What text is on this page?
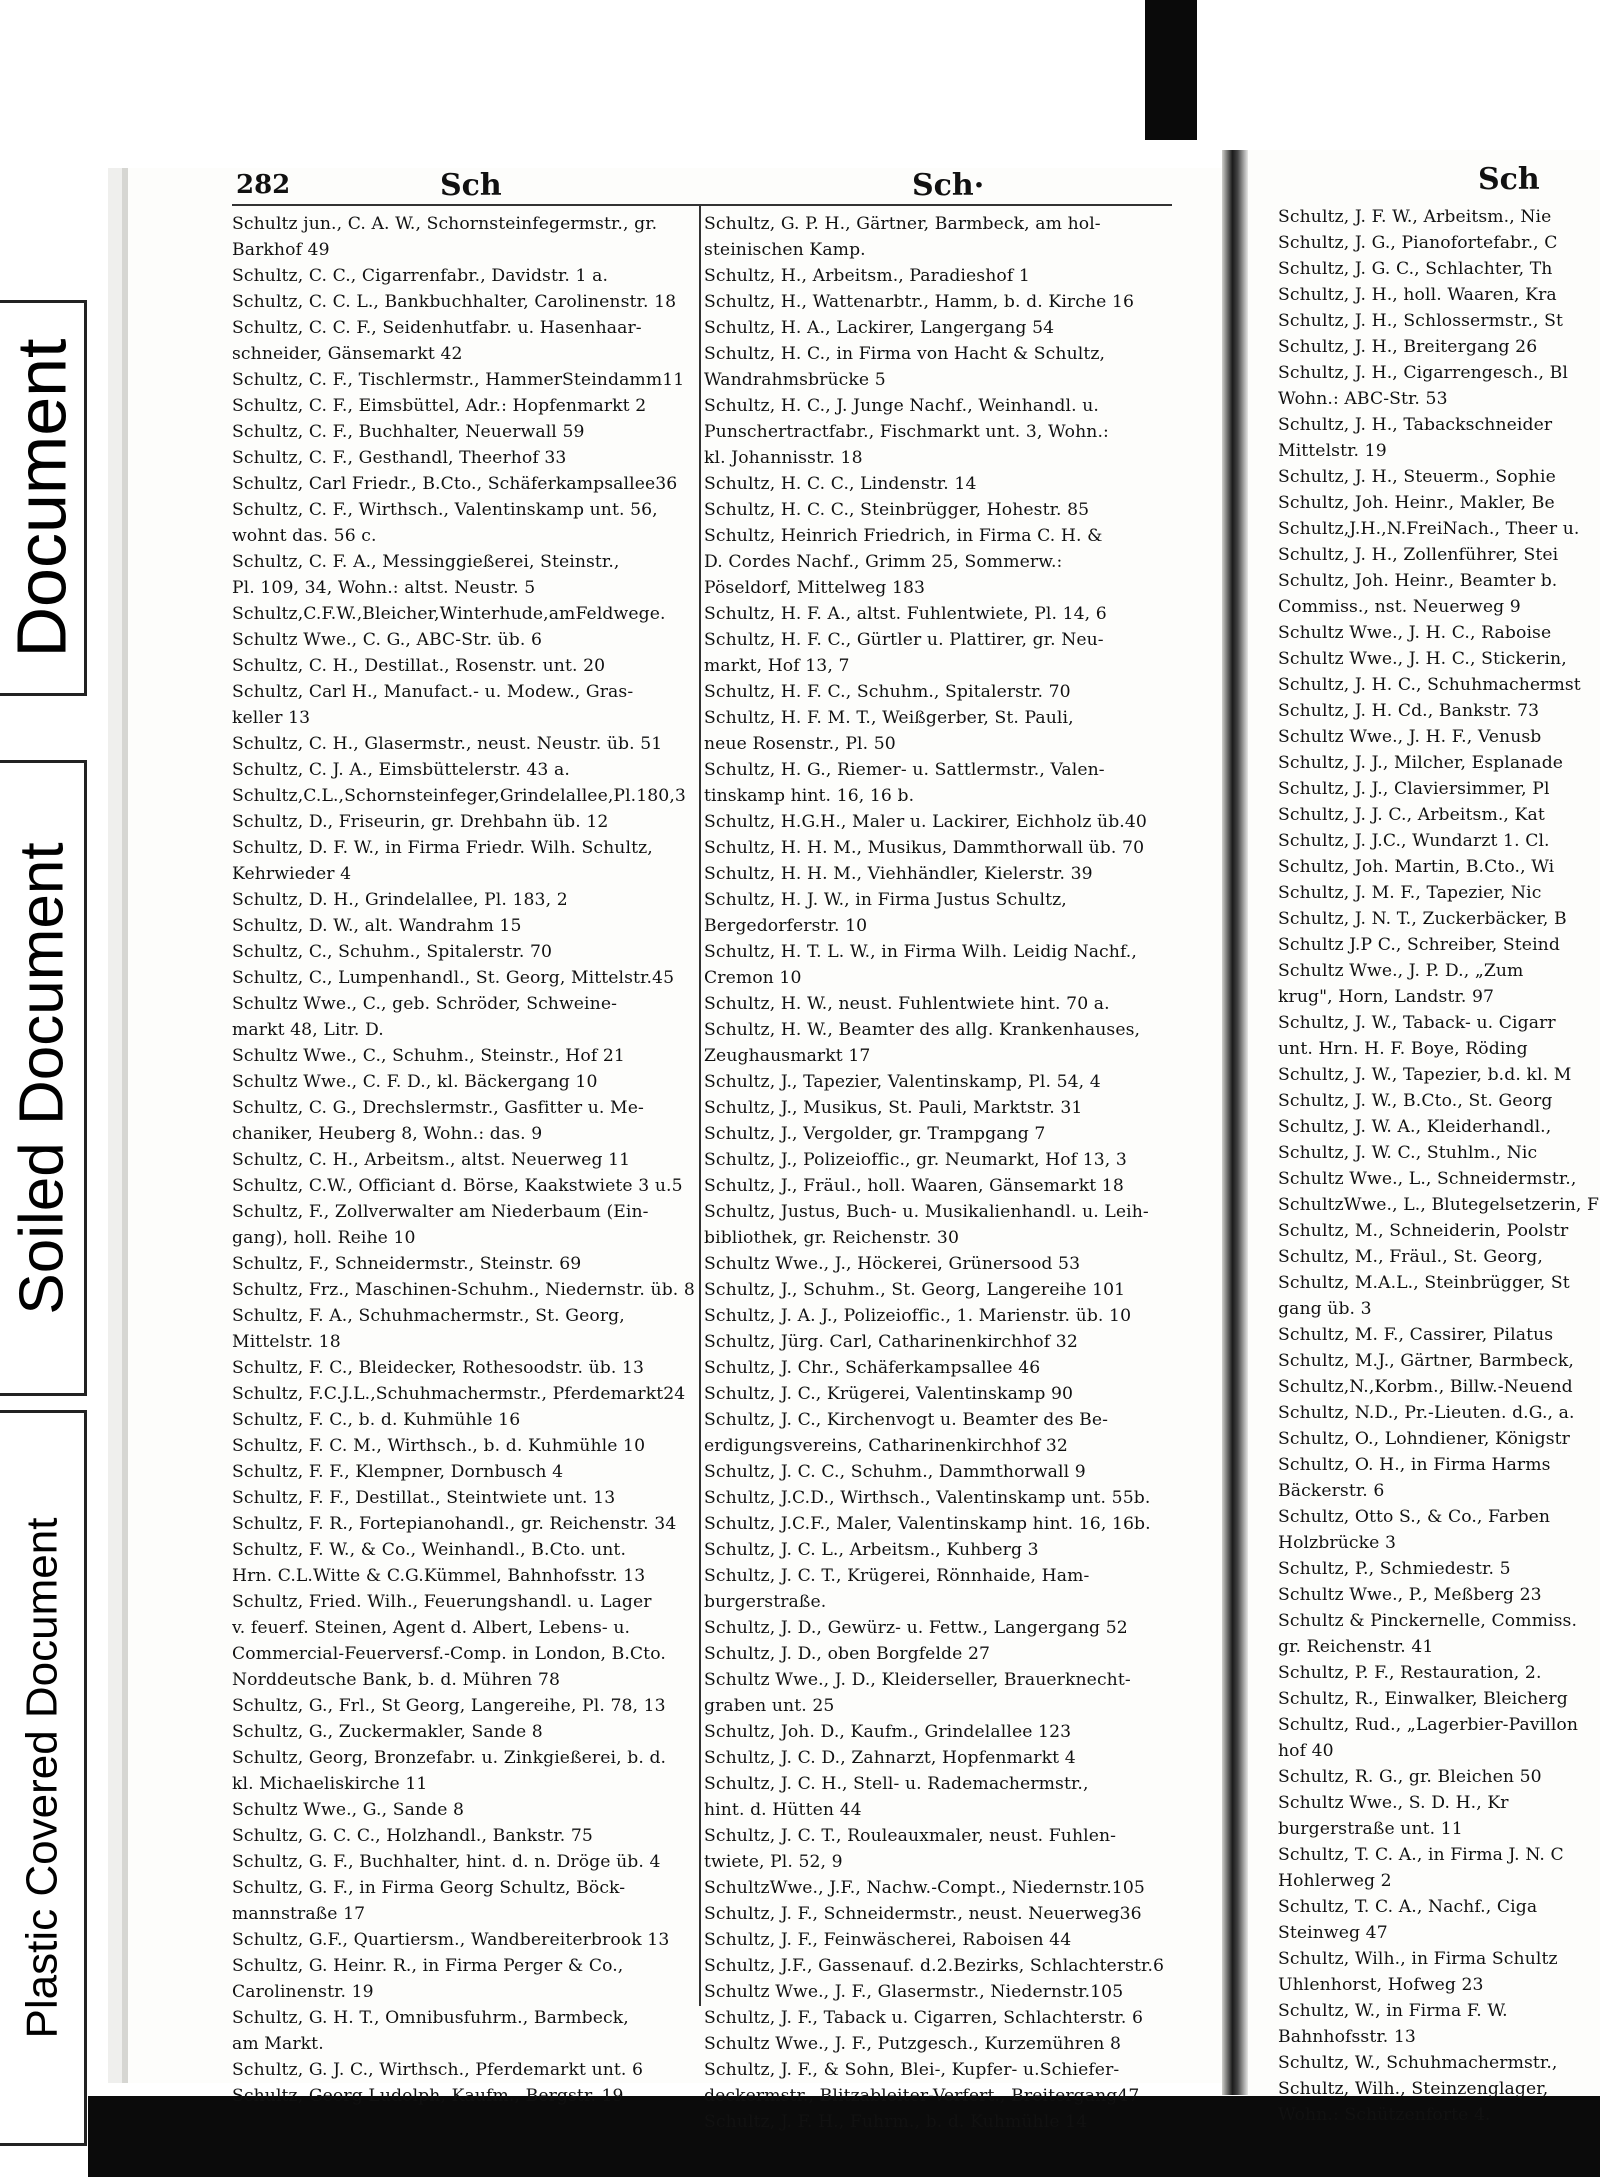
Document
Soiled Document
Plastic Covered Document
282	Sch	Sch·	Sch
Schultz jun., C. A. W., Schornsteinfegermstr., gr.
Barkhof 49
Schultz, C. C., Cigarrenfabr., Davidstr. 1 a.
Schultz, C. C. L., Bankbuchhalter, Carolinenstr. 18
Schultz, C. C. F., Seidenhutfabr. u. Hasenhaar-
schneider, Gänsemarkt 42
Schultz, C. F., Tischlermstr., HammerSteindamm11
Schultz, C. F., Eimsbüttel, Adr.: Hopfenmarkt 2
Schultz, C. F., Buchhalter, Neuerwall 59
Schultz, C. F., Gesthandl, Theerhof 33
Schultz, Carl Friedr., B.Cto., Schäferkampsallee36
Schultz, C. F., Wirthsch., Valentinskamp unt. 56,
wohnt das. 56 c.
Schultz, C. F. A., Messinggießerei, Steinstr.,
Pl. 109, 34, Wohn.: altst. Neustr. 5
Schultz,C.F.W.,Bleicher,Winterhude,amFeldwege.
Schultz Wwe., C. G., ABC-Str. üb. 6
Schultz, C. H., Destillat., Rosenstr. unt. 20
Schultz, Carl H., Manufact.- u. Modew., Gras-
keller 13
Schultz, C. H., Glasermstr., neust. Neustr. üb. 51
Schultz, C. J. A., Eimsbüttelerstr. 43 a.
Schultz,C.L.,Schornsteinfeger,Grindelallee,Pl.180,3
Schultz, D., Friseurin, gr. Drehbahn üb. 12
Schultz, D. F. W., in Firma Friedr. Wilh. Schultz,
Kehrwieder 4
Schultz, D. H., Grindelallee, Pl. 183, 2
Schultz, D. W., alt. Wandrahm 15
Schultz, C., Schuhm., Spitalerstr. 70
Schultz, C., Lumpenhandl., St. Georg, Mittelstr.45
Schultz Wwe., C., geb. Schröder, Schweine-
markt 48, Litr. D.
Schultz Wwe., C., Schuhm., Steinstr., Hof 21
Schultz Wwe., C. F. D., kl. Bäckergang 10
Schultz, C. G., Drechslermstr., Gasfitter u. Me-
chaniker, Heuberg 8, Wohn.: das. 9
Schultz, C. H., Arbeitsm., altst. Neuerweg 11
Schultz, C.W., Officiant d. Börse, Kaakstwiete 3 u.5
Schultz, F., Zollverwalter am Niederbaum (Ein-
gang), holl. Reihe 10
Schultz, F., Schneidermstr., Steinstr. 69
Schultz, Frz., Maschinen-Schuhm., Niedernstr. üb. 8
Schultz, F. A., Schuhmachermstr., St. Georg,
Mittelstr. 18
Schultz, F. C., Bleidecker, Rothesoodstr. üb. 13
Schultz, F.C.J.L.,Schuhmachermstr., Pferdemarkt24
Schultz, F. C., b. d. Kuhmühle 16
Schultz, F. C. M., Wirthsch., b. d. Kuhmühle 10
Schultz, F. F., Klempner, Dornbusch 4
Schultz, F. F., Destillat., Steintwiete unt. 13
Schultz, F. R., Fortepianohandl., gr. Reichenstr. 34
Schultz, F. W., & Co., Weinhandl., B.Cto. unt.
Hrn. C.L.Witte & C.G.Kümmel, Bahnhofsstr. 13
Schultz, Fried. Wilh., Feuerungshandl. u. Lager
v. feuerf. Steinen, Agent d. Albert, Lebens- u.
Commercial-Feuerversf.-Comp. in London, B.Cto.
Norddeutsche Bank, b. d. Mühren 78
Schultz, G., Frl., St Georg, Langereihe, Pl. 78, 13
Schultz, G., Zuckermakler, Sande 8
Schultz, Georg, Bronzefabr. u. Zinkgießerei, b. d.
kl. Michaeliskirche 11
Schultz Wwe., G., Sande 8
Schultz, G. C. C., Holzhandl., Bankstr. 75
Schultz, G. F., Buchhalter, hint. d. n. Dröge üb. 4
Schultz, G. F., in Firma Georg Schultz, Böck-
mannstraße 17
Schultz, G.F., Quartiersm., Wandbereiterbrook 13
Schultz, G. Heinr. R., in Firma Perger & Co.,
Carolinenstr. 19
Schultz, G. H. T., Omnibusfuhrm., Barmbeck,
am Markt.
Schultz, G. J. C., Wirthsch., Pferdemarkt unt. 6
Schultz, Georg Ludolph, Kaufm., Bergstr. 19
Schultz, G. P. H., Gärtner, Barmbeck, am hol-
steinischen Kamp.
Schultz, H., Arbeitsm., Paradieshof 1
Schultz, H., Wattenarbtr., Hamm, b. d. Kirche 16
Schultz, H. A., Lackirer, Langergang 54
Schultz, H. C., in Firma von Hacht & Schultz,
Wandrahmsbrücke 5
Schultz, H. C., J. Junge Nachf., Weinhandl. u.
Punschertractfabr., Fischmarkt unt. 3, Wohn.:
kl. Johannisstr. 18
Schultz, H. C. C., Lindenstr. 14
Schultz, H. C. C., Steinbrügger, Hohestr. 85
Schultz, Heinrich Friedrich, in Firma C. H. &
D. Cordes Nachf., Grimm 25, Sommerw.:
Pöseldorf, Mittelweg 183
Schultz, H. F. A., altst. Fuhlentwiete, Pl. 14, 6
Schultz, H. F. C., Gürtler u. Plattirer, gr. Neu-
markt, Hof 13, 7
Schultz, H. F. C., Schuhm., Spitalerstr. 70
Schultz, H. F. M. T., Weißgerber, St. Pauli,
neue Rosenstr., Pl. 50
Schultz, H. G., Riemer- u. Sattlermstr., Valen-
tinskamp hint. 16, 16 b.
Schultz, H.G.H., Maler u. Lackirer, Eichholz üb.40
Schultz, H. H. M., Musikus, Dammthorwall üb. 70
Schultz, H. H. M., Viehhändler, Kielerstr. 39
Schultz, H. J. W., in Firma Justus Schultz,
Bergedorferstr. 10
Schultz, H. T. L. W., in Firma Wilh. Leidig Nachf.,
Cremon 10
Schultz, H. W., neust. Fuhlentwiete hint. 70 a.
Schultz, H. W., Beamter des allg. Krankenhauses,
Zeughausmarkt 17
Schultz, J., Tapezier, Valentinskamp, Pl. 54, 4
Schultz, J., Musikus, St. Pauli, Marktstr. 31
Schultz, J., Vergolder, gr. Trampgang 7
Schultz, J., Polizeioffic., gr. Neumarkt, Hof 13, 3
Schultz, J., Fräul., holl. Waaren, Gänsemarkt 18
Schultz, Justus, Buch- u. Musikalienhandl. u. Leih-
bibliothek, gr. Reichenstr. 30
Schultz Wwe., J., Höckerei, Grünersood 53
Schultz, J., Schuhm., St. Georg, Langereihe 101
Schultz, J. A. J., Polizeioffic., 1. Marienstr. üb. 10
Schultz, Jürg. Carl, Catharinenkirchhof 32
Schultz, J. Chr., Schäferkampsallee 46
Schultz, J. C., Krügerei, Valentinskamp 90
Schultz, J. C., Kirchenvogt u. Beamter des Be-
erdigungsvereins, Catharinenkirchhof 32
Schultz, J. C. C., Schuhm., Dammthorwall 9
Schultz, J.C.D., Wirthsch., Valentinskamp unt. 55b.
Schultz, J.C.F., Maler, Valentinskamp hint. 16, 16b.
Schultz, J. C. L., Arbeitsm., Kuhberg 3
Schultz, J. C. T., Krügerei, Rönnhaide, Ham-
burgerstraße.
Schultz, J. D., Gewürz- u. Fettw., Langergang 52
Schultz, J. D., oben Borgfelde 27
Schultz Wwe., J. D., Kleiderseller, Brauerknecht-
graben unt. 25
Schultz, Joh. D., Kaufm., Grindelallee 123
Schultz, J. C. D., Zahnarzt, Hopfenmarkt 4
Schultz, J. C. H., Stell- u. Rademachermstr.,
hint. d. Hütten 44
Schultz, J. C. T., Rouleauxmaler, neust. Fuhlen-
twiete, Pl. 52, 9
SchultzWwe., J.F., Nachw.-Compt., Niedernstr.105
Schultz, J. F., Schneidermstr., neust. Neuerweg36
Schultz, J. F., Feinwäscherei, Raboisen 44
Schultz, J.F., Gassenauf. d.2.Bezirks, Schlachterstr.6
Schultz Wwe., J. F., Glasermstr., Niedernstr.105
Schultz, J. F., Taback u. Cigarren, Schlachterstr. 6
Schultz Wwe., J. F., Putzgesch., Kurzemühren 8
Schultz, J. F., & Sohn, Blei-, Kupfer- u.Schiefer-
deckermstr., Blitzableiter-Verfert., Breitergang47
Schultz, J. F. H., Fuhrm., b. d. Kuhmühle 14
Schultz, J. F. W., Arbeitsm., Nie
Schultz, J. G., Pianofortefabr., C
Schultz, J. G. C., Schlachter, Th
Schultz, J. H., holl. Waaren, Kra
Schultz, J. H., Schlossermstr., St
Schultz, J. H., Breitergang 26
Schultz, J. H., Cigarrengesch., Bl
Wohn.: ABC-Str. 53
Schultz, J. H., Tabackschneider
Mittelstr. 19
Schultz, J. H., Steuerm., Sophie
Schultz, Joh. Heinr., Makler, Be
Schultz,J.H.,N.FreiNach., Theer u.
Schultz, J. H., Zollenführer, Stei
Schultz, Joh. Heinr., Beamter b.
Commiss., nst. Neuerweg 9
Schultz Wwe., J. H. C., Raboise
Schultz Wwe., J. H. C., Stickerin,
Schultz, J. H. C., Schuhmachermst
Schultz, J. H. Cd., Bankstr. 73
Schultz Wwe., J. H. F., Venusb
Schultz, J. J., Milcher, Esplanade
Schultz, J. J., Claviersimmer, Pl
Schultz, J. J. C., Arbeitsm., Kat
Schultz, J. J.C., Wundarzt 1. Cl.
Schultz, Joh. Martin, B.Cto., Wi
Schultz, J. M. F., Tapezier, Nic
Schultz, J. N. T., Zuckerbäcker, B
Schultz J.P C., Schreiber, Steind
Schultz Wwe., J. P. D., „Zum
krug", Horn, Landstr. 97
Schultz, J. W., Taback- u. Cigarr
unt. Hrn. H. F. Boye, Röding
Schultz, J. W., Tapezier, b.d. kl. M
Schultz, J. W., B.Cto., St. Georg
Schultz, J. W. A., Kleiderhandl.,
Schultz, J. W. C., Stuhlm., Nic
Schultz Wwe., L., Schneidermstr.,
SchultzWwe., L., Blutegelsetzerin, F
Schultz, M., Schneiderin, Poolstr
Schultz, M., Fräul., St. Georg,
Schultz, M.A.L., Steinbrügger, St
gang üb. 3
Schultz, M. F., Cassirer, Pilatus
Schultz, M.J., Gärtner, Barmbeck,
Schultz,N.,Korbm., Billw.-Neuend
Schultz, N.D., Pr.-Lieuten. d.G., a.
Schultz, O., Lohndiener, Königstr
Schultz, O. H., in Firma Harms
Bäckerstr. 6
Schultz, Otto S., & Co., Farben
Holzbrücke 3
Schultz, P., Schmiedestr. 5
Schultz Wwe., P., Meßberg 23
Schultz & Pinckernelle, Commiss.
gr. Reichenstr. 41
Schultz, P. F., Restauration, 2.
Schultz, R., Einwalker, Bleicherg
Schultz, Rud., „Lagerbier-Pavillon
hof 40
Schultz, R. G., gr. Bleichen 50
Schultz Wwe., S. D. H., Kr
burgerstraße unt. 11
Schultz, T. C. A., in Firma J. N. C
Hohlerweg 2
Schultz, T. C. A., Nachf., Ciga
Steinweg 47
Schultz, Wilh., in Firma Schultz
Uhlenhorst, Hofweg 23
Schultz, W., in Firma F. W.
Bahnhofsstr. 13
Schultz, W., Schuhmachermstr.,
Schultz, Wilh., Steinzenglager,
Wohn.: Schützenforte 4.
